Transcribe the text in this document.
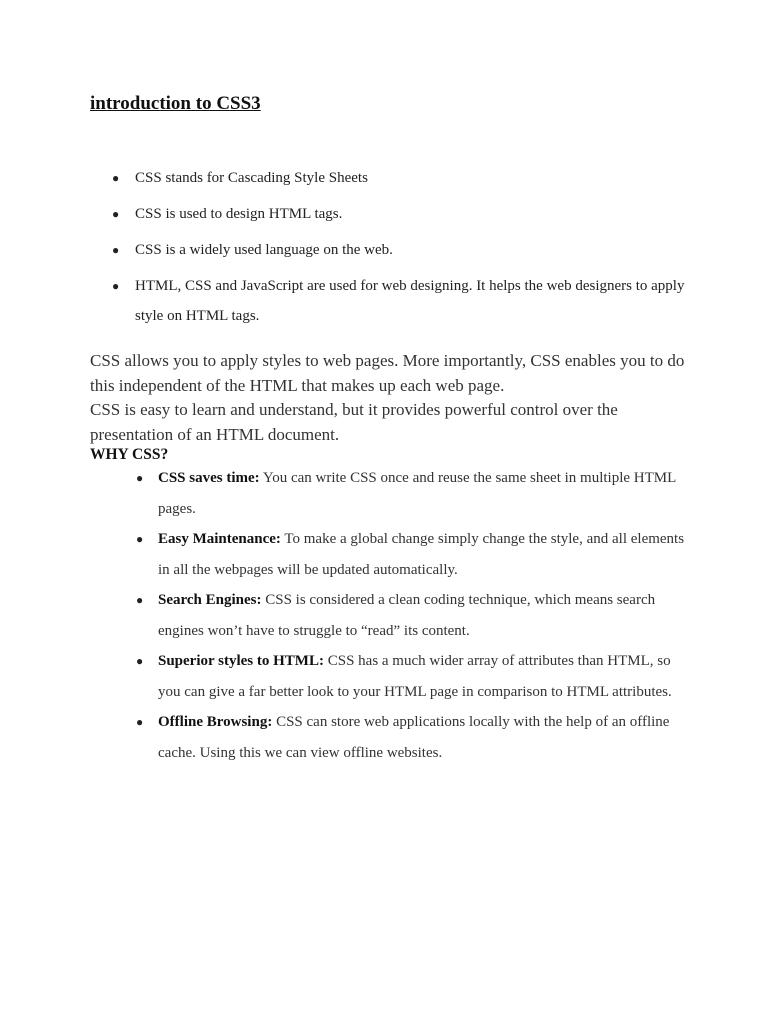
introduction to CSS3
● CSS stands for Cascading Style Sheets
● CSS is used to design HTML tags.
● CSS is a widely used language on the web.
● HTML, CSS and JavaScript are used for web designing. It helps the web designers to apply style on HTML tags.

CSS allows you to apply styles to web pages. More importantly, CSS enables you to do this independent of the HTML that makes up each web page.

CSS is easy to learn and understand, but it provides powerful control over the presentation of an HTML document.

WHY CSS?

● CSS saves time: You can write CSS once and reuse the same sheet in multiple HTML pages.
● Easy Maintenance: To make a global change simply change the style, and all elements in all the webpages will be updated automatically.
● Search Engines: CSS is considered a clean coding technique, which means search engines won’t have to struggle to “read” its content.
● Superior styles to HTML: CSS has a much wider array of attributes than HTML, so you can give a far better look to your HTML page in comparison to HTML attributes.
● Offline Browsing: CSS can store web applications locally with the help of an offline cache. Using this we can view offline websites.
